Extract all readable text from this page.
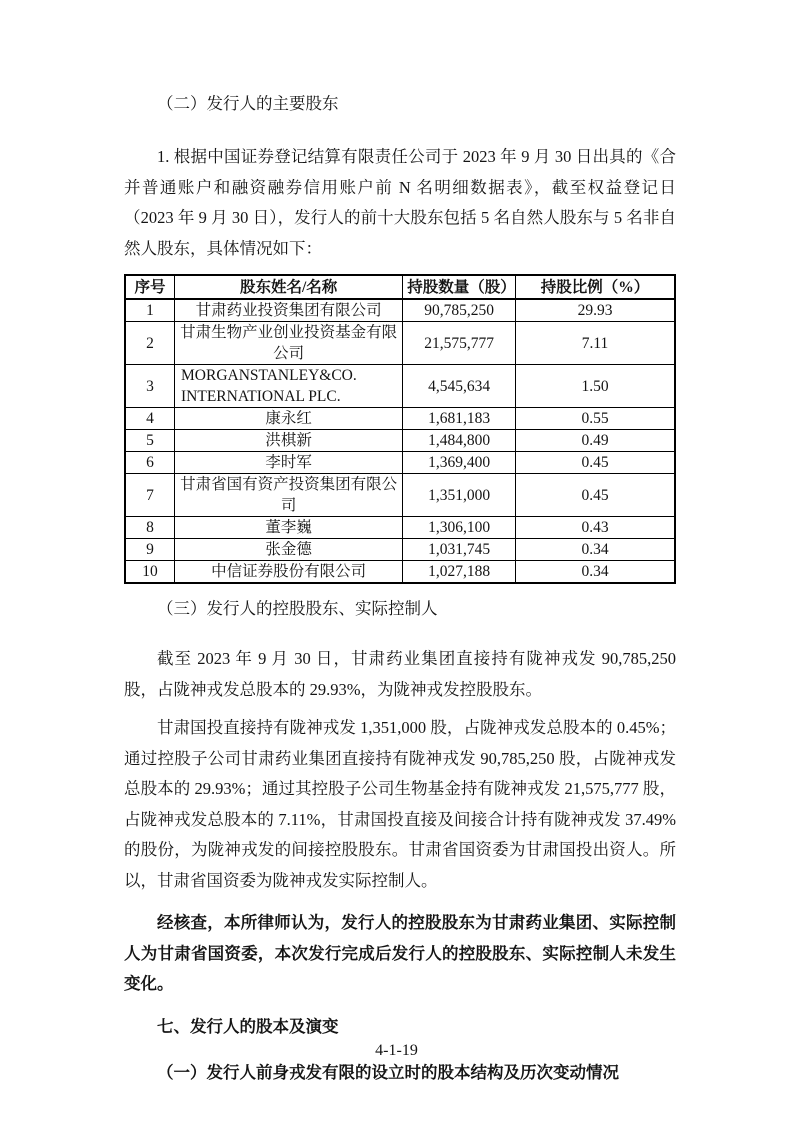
（二）发行人的主要股东

1. 根据中国证券登记结算有限责任公司于 2023 年 9 月 30 日出具的《合并普通账户和融资融券信用账户前 N 名明细数据表》，截至权益登记日（2023 年 9 月 30 日），发行人的前十大股东包括 5 名自然人股东与 5 名非自然人股东，具体情况如下：

序号	股东姓名/名称	持股数量（股）	持股比例（%）
1	甘肃药业投资集团有限公司	90,785,250	29.93
2	甘肃生物产业创业投资基金有限公司	21,575,777	7.11
3	MORGANSTANLEY&CO. INTERNATIONAL PLC.	4,545,634	1.50
4	康永红	1,681,183	0.55
5	洪棋新	1,484,800	0.49
6	李时军	1,369,400	0.45
7	甘肃省国有资产投资集团有限公司	1,351,000	0.45
8	董李巍	1,306,100	0.43
9	张金德	1,031,745	0.34
10	中信证券股份有限公司	1,027,188	0.34
（三）发行人的控股股东、实际控制人

截至 2023 年 9 月 30 日，甘肃药业集团直接持有陇神戎发 90,785,250 股，占陇神戎发总股本的 29.93%，为陇神戎发控股股东。

甘肃国投直接持有陇神戎发 1,351,000 股，占陇神戎发总股本的 0.45%；通过控股子公司甘肃药业集团直接持有陇神戎发 90,785,250 股，占陇神戎发总股本的 29.93%；通过其控股子公司生物基金持有陇神戎发 21,575,777 股，占陇神戎发总股本的 7.11%，甘肃国投直接及间接合计持有陇神戎发 37.49%的股份，为陇神戎发的间接控股股东。甘肃省国资委为甘肃国投出资人。所以，甘肃省国资委为陇神戎发实际控制人。

经核查，本所律师认为，发行人的控股股东为甘肃药业集团、实际控制人为甘肃省国资委，本次发行完成后发行人的控股股东、实际控制人未发生变化。

七、发行人的股本及演变
（一）发行人前身戎发有限的设立时的股本结构及历次变动情况
4-1-19
